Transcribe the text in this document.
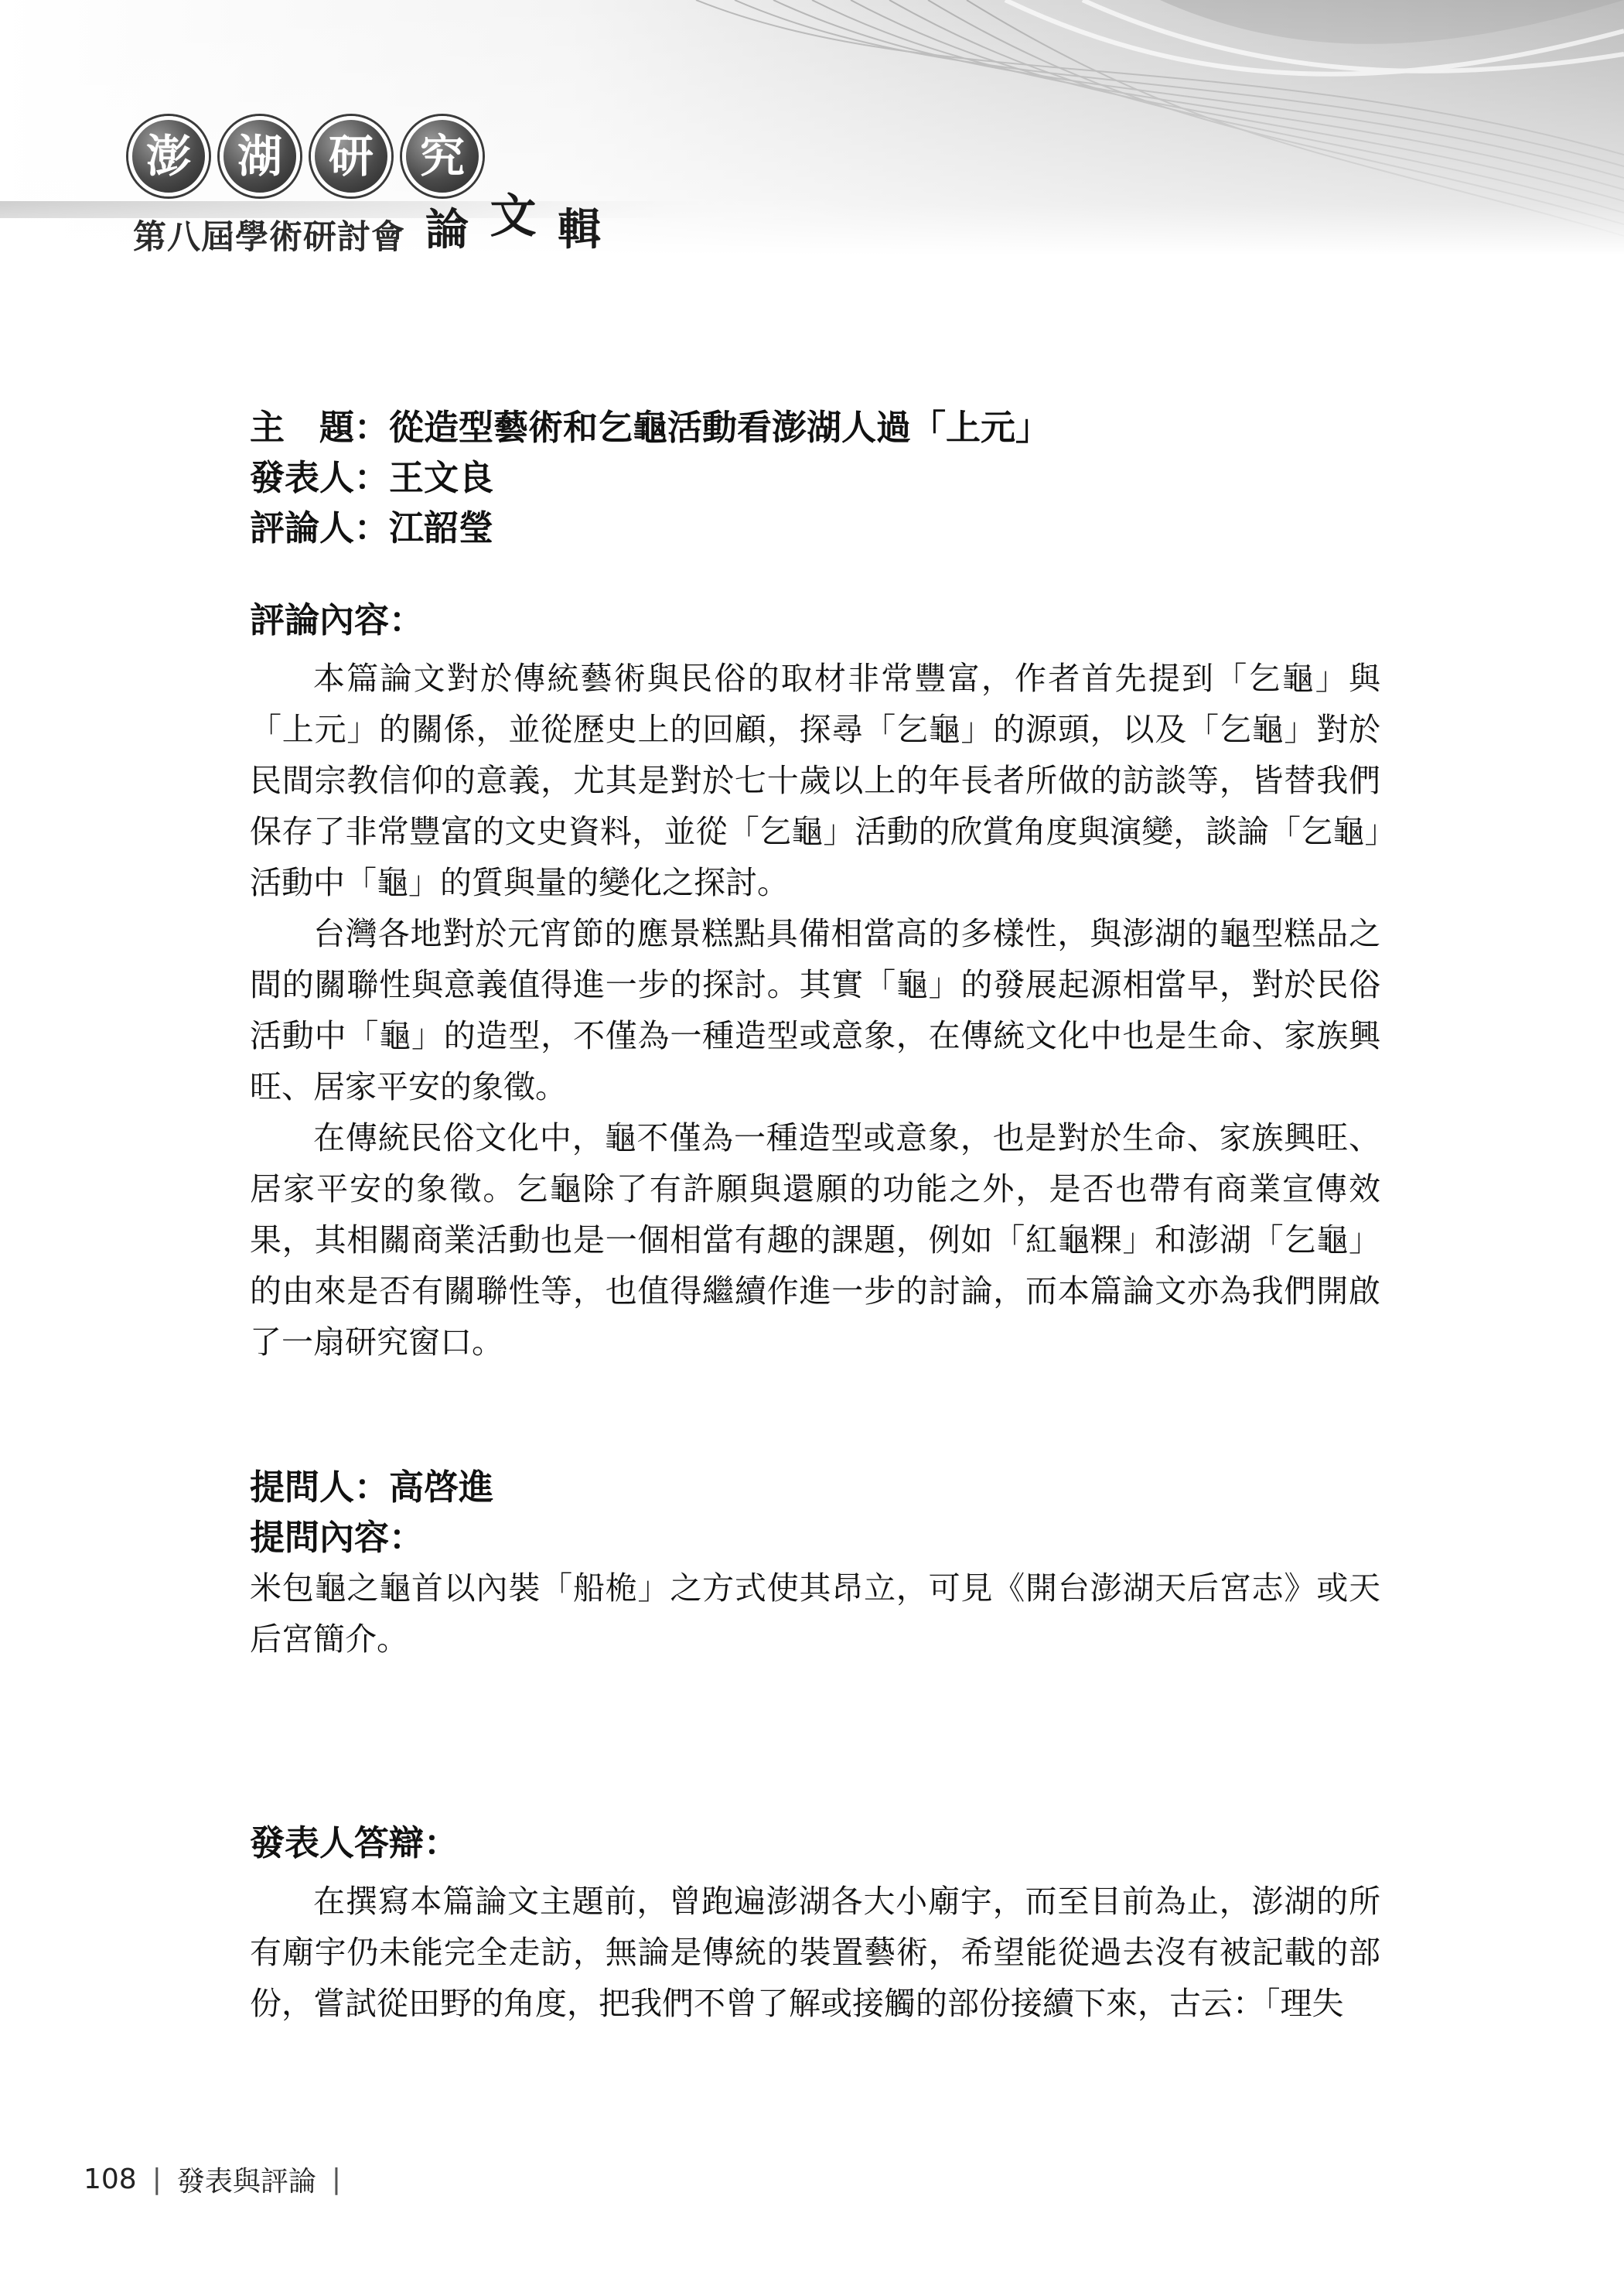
澎	湖	研	究
第八屆學術研討會 論 文 輯
主　題：從造型藝術和乞龜活動看澎湖人過「上元」
發表人：王文良
評論人：江韶瑩
評論內容：

本篇論文對於傳統藝術與民俗的取材非常豐富，作者首先提到「乞龜」與「上元」的關係，並從歷史上的回顧，探尋「乞龜」的源頭，以及「乞龜」對於民間宗教信仰的意義，尤其是對於七十歲以上的年長者所做的訪談等，皆替我們保存了非常豐富的文史資料，並從「乞龜」活動的欣賞角度與演變，談論「乞龜」活動中「龜」的質與量的變化之探討。

台灣各地對於元宵節的應景糕點具備相當高的多樣性，與澎湖的龜型糕品之間的關聯性與意義值得進一步的探討。其實「龜」的發展起源相當早，對於民俗活動中「龜」的造型，不僅為一種造型或意象，在傳統文化中也是生命、家族興旺、居家平安的象徵。

在傳統民俗文化中，龜不僅為一種造型或意象，也是對於生命、家族興旺、居家平安的象徵。乞龜除了有許願與還願的功能之外，是否也帶有商業宣傳效果，其相關商業活動也是一個相當有趣的課題，例如「紅龜粿」和澎湖「乞龜」的由來是否有關聯性等，也值得繼續作進一步的討論，而本篇論文亦為我們開啟了一扇研究窗口。

提問人：高啓進
提問內容：

米包龜之龜首以內裝「船桅」之方式使其昂立，可見《開台澎湖天后宮志》或天后宮簡介。

發表人答辯：

在撰寫本篇論文主題前，曾跑遍澎湖各大小廟宇，而至目前為止，澎湖的所有廟宇仍未能完全走訪，無論是傳統的裝置藝術，希望能從過去沒有被記載的部份，嘗試從田野的角度，把我們不曾了解或接觸的部份接續下來，古云：「理失

108 | 發表與評論 |
